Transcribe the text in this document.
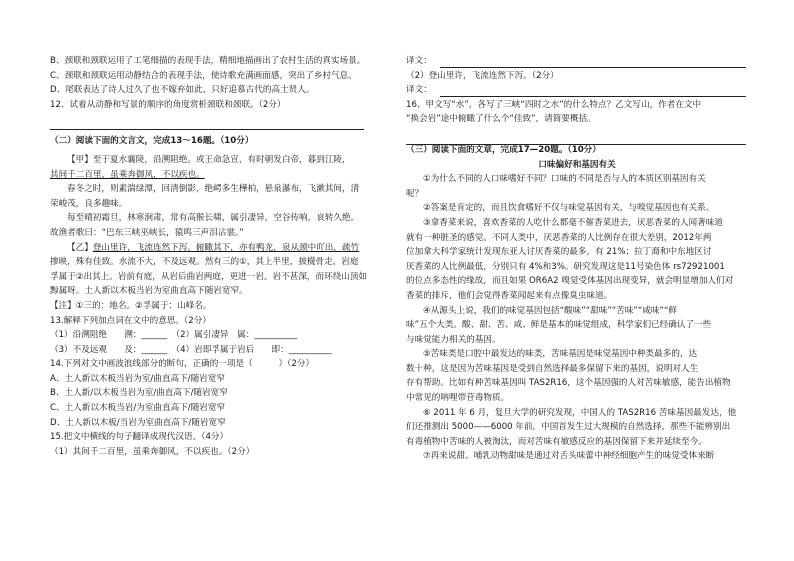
B、颈联和颈联运用了工笔细描的表现手法，精细地描画出了农村生活的真实场景。
C、颈联和颈联运用动静结合的表现手法，使诗歌充满画面感，突出了乡村气息。
D、尾联表达了诗人过久了也不嫁弃如此，只好追慕古代的高士贤人。
12、试着从动静和写景的顺序的角度赏析颈联和颈联。（2分）
（二）阅读下面的文言文，完成13〜16题。（10分）
【甲】至于夏水襄陵，沿溯阻绝。或王命急宣，有时朝发白帝，暮到江陵，
其间千二百里，虽乘奔御风，不以疾也。
春冬之时，则素湍绿潭，回清倒影，绝崿多生樺柏，悬泉瀑布，飞漱其间，清
荣峻茂，良多趣味。
每至晴初霜旦，林寒涧肃，常有高猴长啸，属引凄异，空谷传响，哀转久绝。
故渔者歌曰：“巴东三峡巫峡长，猿鸣三声泪沾裳。”
【乙】登山里许，飞流连然下泻。俯瞰其下，亦有鸭龙，泉从颈中吖出，疏竹
掺映，殊有佳致。水流不大，不及远观。然有三的①，其上半里，披櫗骨走，岩庭
孚属于②出其上。岩前有庭，从岩后曲岩两庭，更进一岩。岩不甚深，而环绕山顶如
黥属呀。土人新以木板当岩为室曲直高下随岩宽窄。
【注】①三的：地名。②孚属于：山峰名。
13.解释下列加点词在文中的意思。（2分）
（1）沿溯阻绝　　溯：______　（2）属引凄异　属：__________
（3）不及远观　　及：______　（4）岩即孚属于岩后　　即：__________
14.下列对文中画波浪线部分的断句，正确的一项是（　　　）（2分）
A、土人新以木板当岩为室/曲直高下/随岩宽窄
B、土人新/以木板当岩为室/曲直高下/随岩宽窄
C、土人新以木板当岩/为室曲直高下/随岩宽窄
D、土人新以木板/当岩为室曲直高下/随岩宽窄
15.把文中横线的句子翻译成现代汉语。（4分）
（1）其间千二百里，虽乘奔御风，不以疾也。（2分）
译文：
（2）登山里许，飞流连然下泻。（2分）
译文：
16、甲文写“水”，各写了三峡“四时之水”的什么特点？乙文写山，作者在文中
“换会岩”途中俯瞰了什么个“佳致”，请简要概括。
（三）阅读下面的文章，完成17—20题。（10分）
口味偏好和基因有关
①为什么不同的人口味嗜好不同？口味的不同是否与人的本质区别基因有关
呢？
②答案是肯定的，而且饮食嗜好不仅与味觉基因有关，与嗅觉基因也有关系。
③拿香菜来说，喜欢香菜的人吃什么都毫不催香菜进去，厌恶香菜的人闻著味道
就有一种脏圣的感觉。不同人类中，厌恶香菜的人比例存在很大差别，2012年两
位加拿大科学家统计发现东亚人讨厌香菜的最多，有 21%；拉丁裔和中东地区讨
厌香菜的人比例最低，分别只有 4%和3%。研究发现这是11号染色体 rs72921001
的位点多态性的缘故，而且如果 OR6A2 嗅觉受体基因出现变异，就会明显增加人们对
香菜的排斥，他们会觉得香菜闻起来有点像臭虫味道。
④从源头上说，我们的味觉基因包括“酸味”“甜味”“苦味”“咸味”“鲜
味”五个大类。酸、甜、苦、咸、鲜是基本的味觉组成，科学家们已经确认了一些
与味觉能力相关的基因。
⑤苦味类是口腔中最发达的味类，苦味基因是味觉基因中种类最多的，达
数十种，这是因为苦味基因是受到自然选择最多保留下来的基因，说明对人生
存有帮助。比如有种苦味基因叫 TAS2R16，这个基因强的人对苦味敏感，能告出植物
中常见的呐哩带苷毒物质。
⑥ 2011 年 6 月，复旦大学的研究发现，中国人的 TAS2R16 苦味基因最发达，他
们还推测出 5000——6000 年前，中国首发生过大规模的自然选择，那些不能辨别出
有毒植物中苦味的人被淘汰，而对苦味有敏感反应的基因保留下来并延续至今。
⑦再来说甜。哺乳动物甜味是通过对舌头味蕾中神经细胞产生的味觉受体来断
